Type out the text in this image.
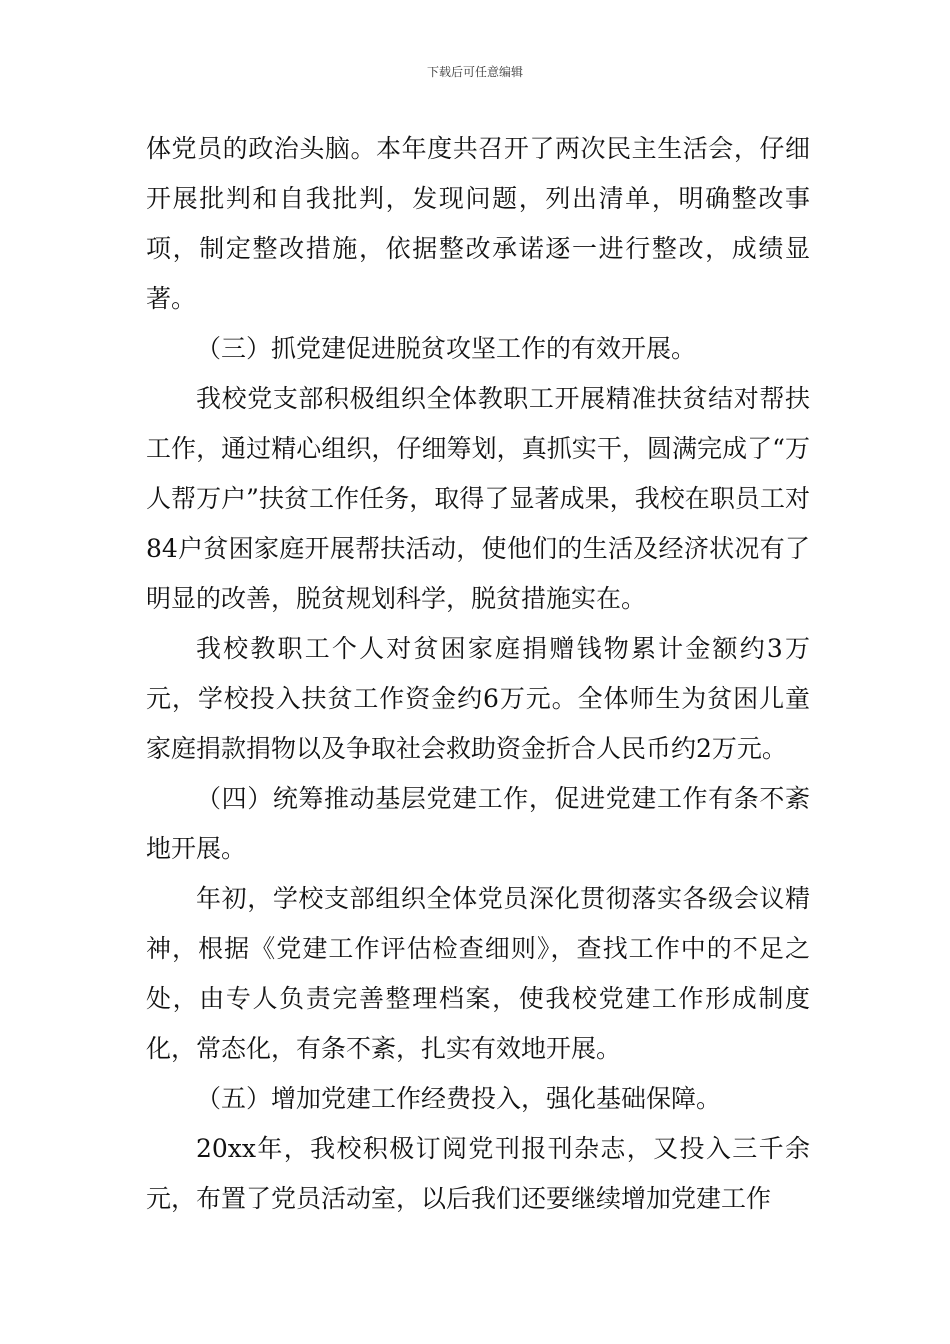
下载后可任意编辑

体党员的政治头脑。本年度共召开了两次民主生活会，仔细开展批判和自我批判，发现问题，列出清单，明确整改事项，制定整改措施，依据整改承诺逐一进行整改，成绩显著。

（三）抓党建促进脱贫攻坚工作的有效开展。

我校党支部积极组织全体教职工开展精准扶贫结对帮扶工作，通过精心组织，仔细筹划，真抓实干，圆满完成了“万人帮万户”扶贫工作任务，取得了显著成果，我校在职员工对84户贫困家庭开展帮扶活动，使他们的生活及经济状况有了明显的改善，脱贫规划科学，脱贫措施实在。

我校教职工个人对贫困家庭捐赠钱物累计金额约3万元，学校投入扶贫工作资金约6万元。全体师生为贫困儿童家庭捐款捐物以及争取社会救助资金折合人民币约2万元。

（四）统筹推动基层党建工作，促进党建工作有条不紊地开展。

年初，学校支部组织全体党员深化贯彻落实各级会议精神，根据《党建工作评估检查细则》，查找工作中的不足之处，由专人负责完善整理档案，使我校党建工作形成制度化，常态化，有条不紊，扎实有效地开展。

（五）增加党建工作经费投入，强化基础保障。

20xx年，我校积极订阅党刊报刊杂志，又投入三千余元，布置了党员活动室，以后我们还要继续增加党建工作
